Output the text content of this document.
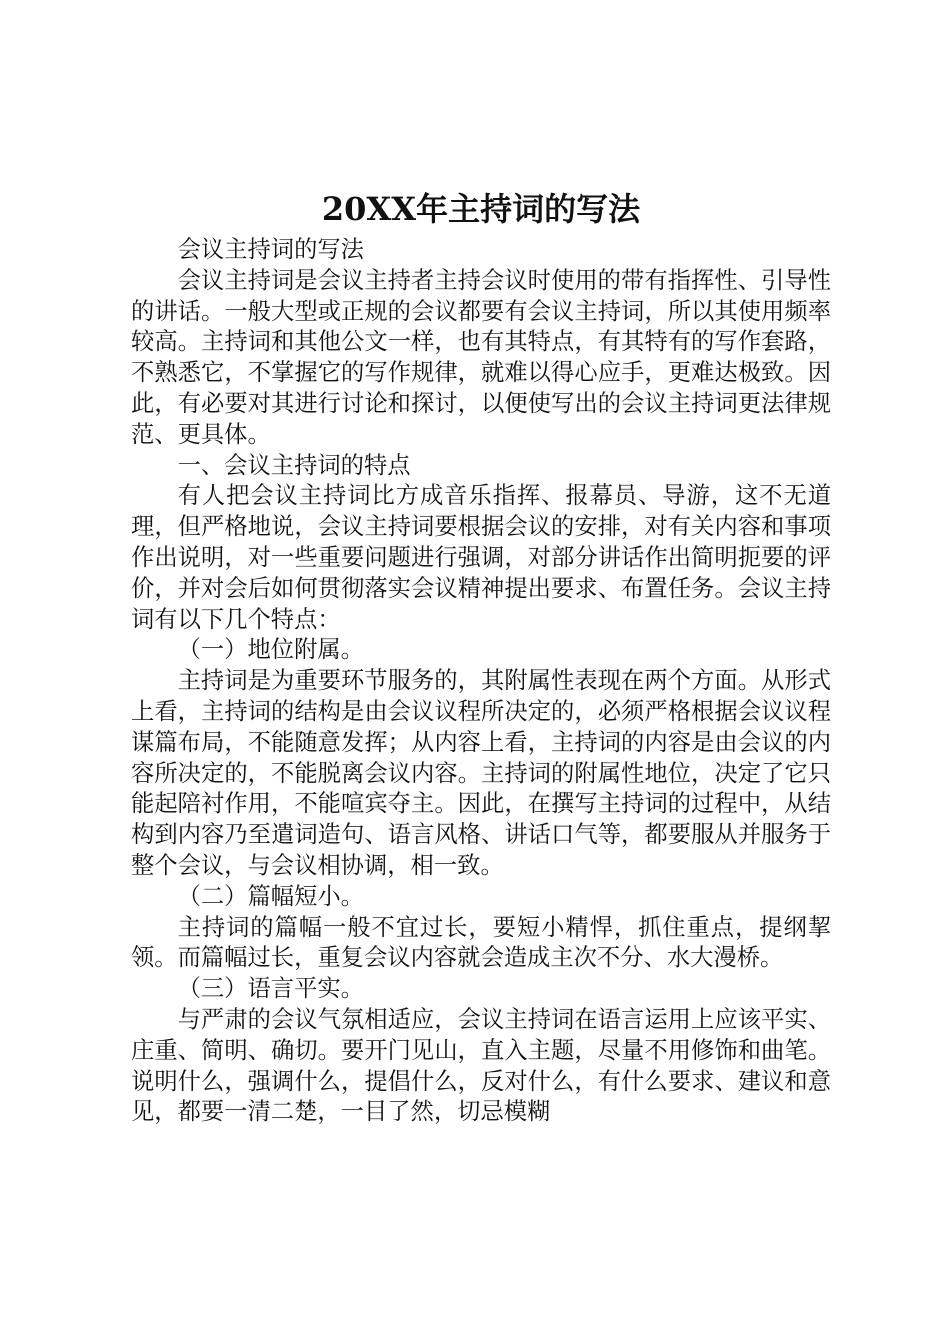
20XX年主持词的写法

会议主持词的写法

会议主持词是会议主持者主持会议时使用的带有指挥性、引导性的讲话。一般大型或正规的会议都要有会议主持词，所以其使用频率较高。主持词和其他公文一样，也有其特点，有其特有的写作套路，不熟悉它，不掌握它的写作规律，就难以得心应手，更难达极致。因此，有必要对其进行讨论和探讨，以便使写出的会议主持词更法律规范、更具体。

一、会议主持词的特点

有人把会议主持词比方成音乐指挥、报幕员、导游，这不无道理，但严格地说，会议主持词要根据会议的安排，对有关内容和事项作出说明，对一些重要问题进行强调，对部分讲话作出简明扼要的评价，并对会后如何贯彻落实会议精神提出要求、布置任务。会议主持词有以下几个特点：

（一）地位附属。

主持词是为重要环节服务的，其附属性表现在两个方面。从形式上看，主持词的结构是由会议议程所决定的，必须严格根据会议议程谋篇布局，不能随意发挥；从内容上看，主持词的内容是由会议的内容所决定的，不能脱离会议内容。主持词的附属性地位，决定了它只能起陪衬作用，不能喧宾夺主。因此，在撰写主持词的过程中，从结构到内容乃至遣词造句、语言风格、讲话口气等，都要服从并服务于整个会议，与会议相协调，相一致。

（二）篇幅短小。

主持词的篇幅一般不宜过长，要短小精悍，抓住重点，提纲挈领。而篇幅过长，重复会议内容就会造成主次不分、水大漫桥。

（三）语言平实。

与严肃的会议气氛相适应，会议主持词在语言运用上应该平实、庄重、简明、确切。要开门见山，直入主题，尽量不用修饰和曲笔。说明什么，强调什么，提倡什么，反对什么，有什么要求、建议和意见，都要一清二楚，一目了然，切忌模糊
